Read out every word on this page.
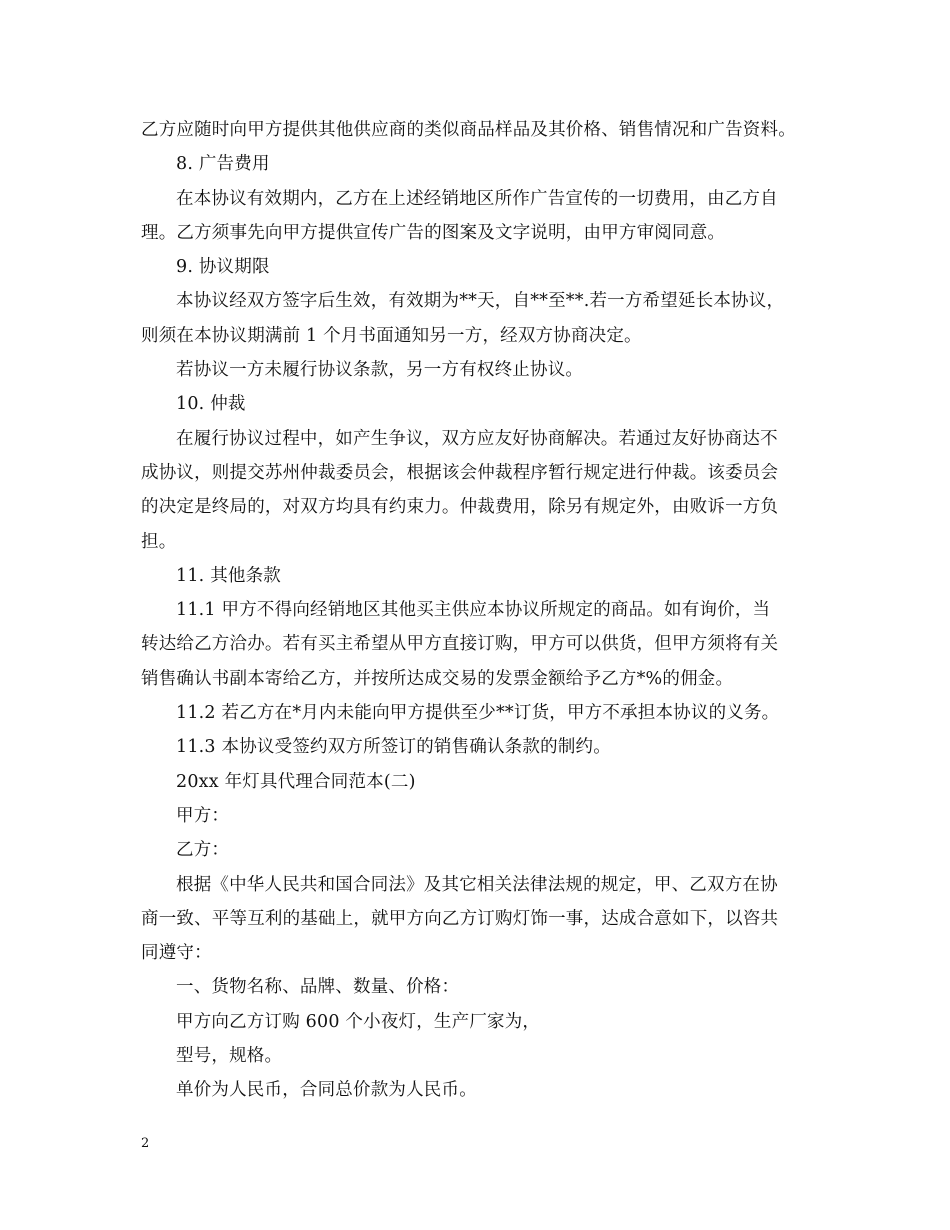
乙方应随时向甲方提供其他供应商的类似商品样品及其价格、销售情况和广告资料。
8. 广告费用
在本协议有效期内，乙方在上述经销地区所作广告宣传的一切费用，由乙方自
理。乙方须事先向甲方提供宣传广告的图案及文字说明，由甲方审阅同意。
9. 协议期限
本协议经双方签字后生效，有效期为**天，自**至**.若一方希望延长本协议，
则须在本协议期满前 1 个月书面通知另一方，经双方协商决定。
若协议一方未履行协议条款，另一方有权终止协议。
10. 仲裁
在履行协议过程中，如产生争议，双方应友好协商解决。若通过友好协商达不
成协议，则提交苏州仲裁委员会，根据该会仲裁程序暂行规定进行仲裁。该委员会
的决定是终局的，对双方均具有约束力。仲裁费用，除另有规定外，由败诉一方负
担。
11. 其他条款
11.1 甲方不得向经销地区其他买主供应本协议所规定的商品。如有询价，当
转达给乙方洽办。若有买主希望从甲方直接订购，甲方可以供货，但甲方须将有关
销售确认书副本寄给乙方，并按所达成交易的发票金额给予乙方*%的佣金。
11.2 若乙方在*月内未能向甲方提供至少**订货，甲方不承担本协议的义务。
11.3 本协议受签约双方所签订的销售确认条款的制约。
20xx 年灯具代理合同范本(二)
甲方：
乙方：
根据《中华人民共和国合同法》及其它相关法律法规的规定，甲、乙双方在协
商一致、平等互利的基础上，就甲方向乙方订购灯饰一事，达成合意如下，以咨共
同遵守：
一、货物名称、品牌、数量、价格：
甲方向乙方订购 600 个小夜灯，生产厂家为，
型号，规格。
单价为人民币，合同总价款为人民币。
2
